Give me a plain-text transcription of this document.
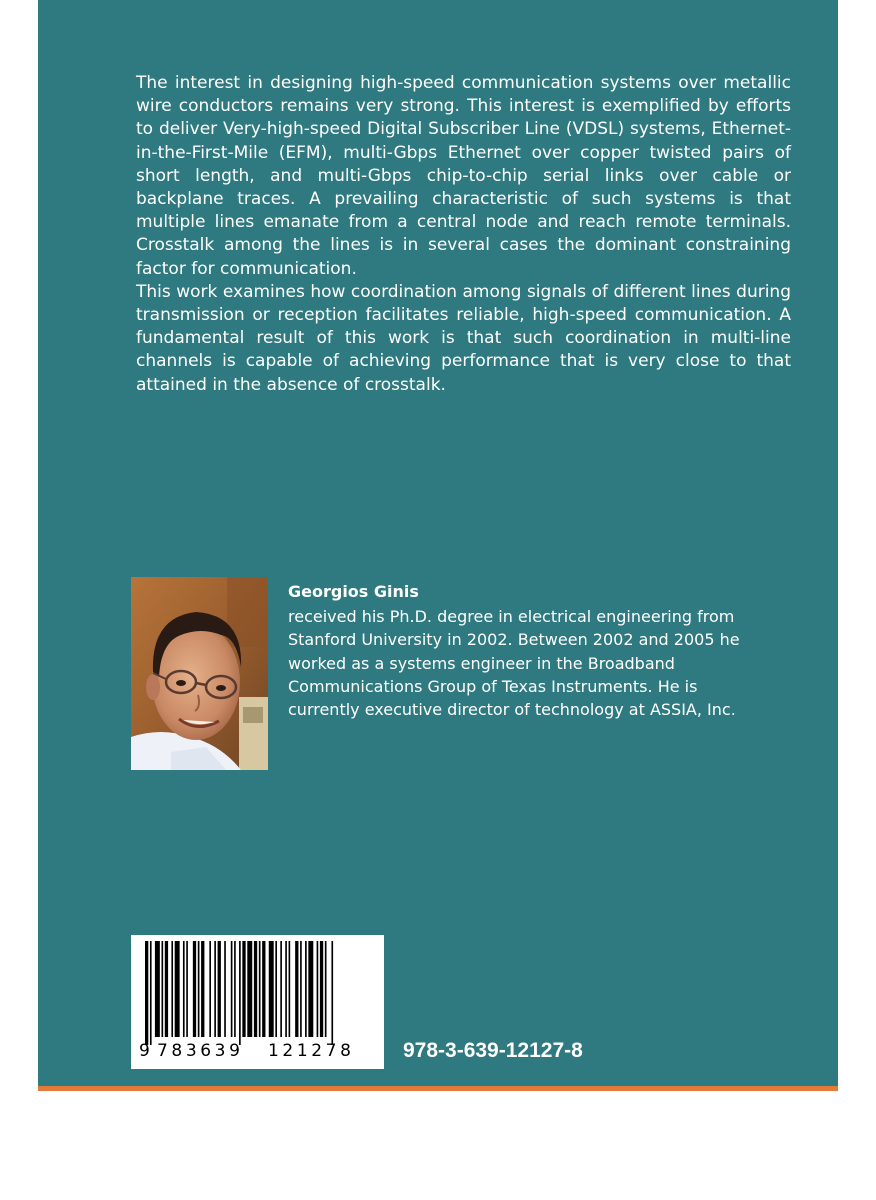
The interest in designing high-speed communication systems over metallic wire conductors remains very strong. This interest is exemplified by efforts to deliver Very-high-speed Digital Subscriber Line (VDSL) systems, Ethernet-in-the-First-Mile (EFM), multi-Gbps Ethernet over copper twisted pairs of short length, and multi-Gbps chip-to-chip serial links over cable or backplane traces. A prevailing characteristic of such systems is that multiple lines emanate from a central node and reach remote terminals. Crosstalk among the lines is in several cases the dominant constraining factor for communication.

This work examines how coordination among signals of different lines during transmission or reception facilitates reliable, high-speed communication. A fundamental result of this work is that such coordination in multi-line channels is capable of achieving performance that is very close to that attained in the absence of crosstalk.

Georgios Ginis
received his Ph.D. degree in electrical engineering from Stanford University in 2002. Between 2002 and 2005 he worked as a systems engineer in the Broadband Communications Group of Texas Instruments. He is currently executive director of technology at ASSIA, Inc.
9 783639 121278 978-3-639-12127-8
